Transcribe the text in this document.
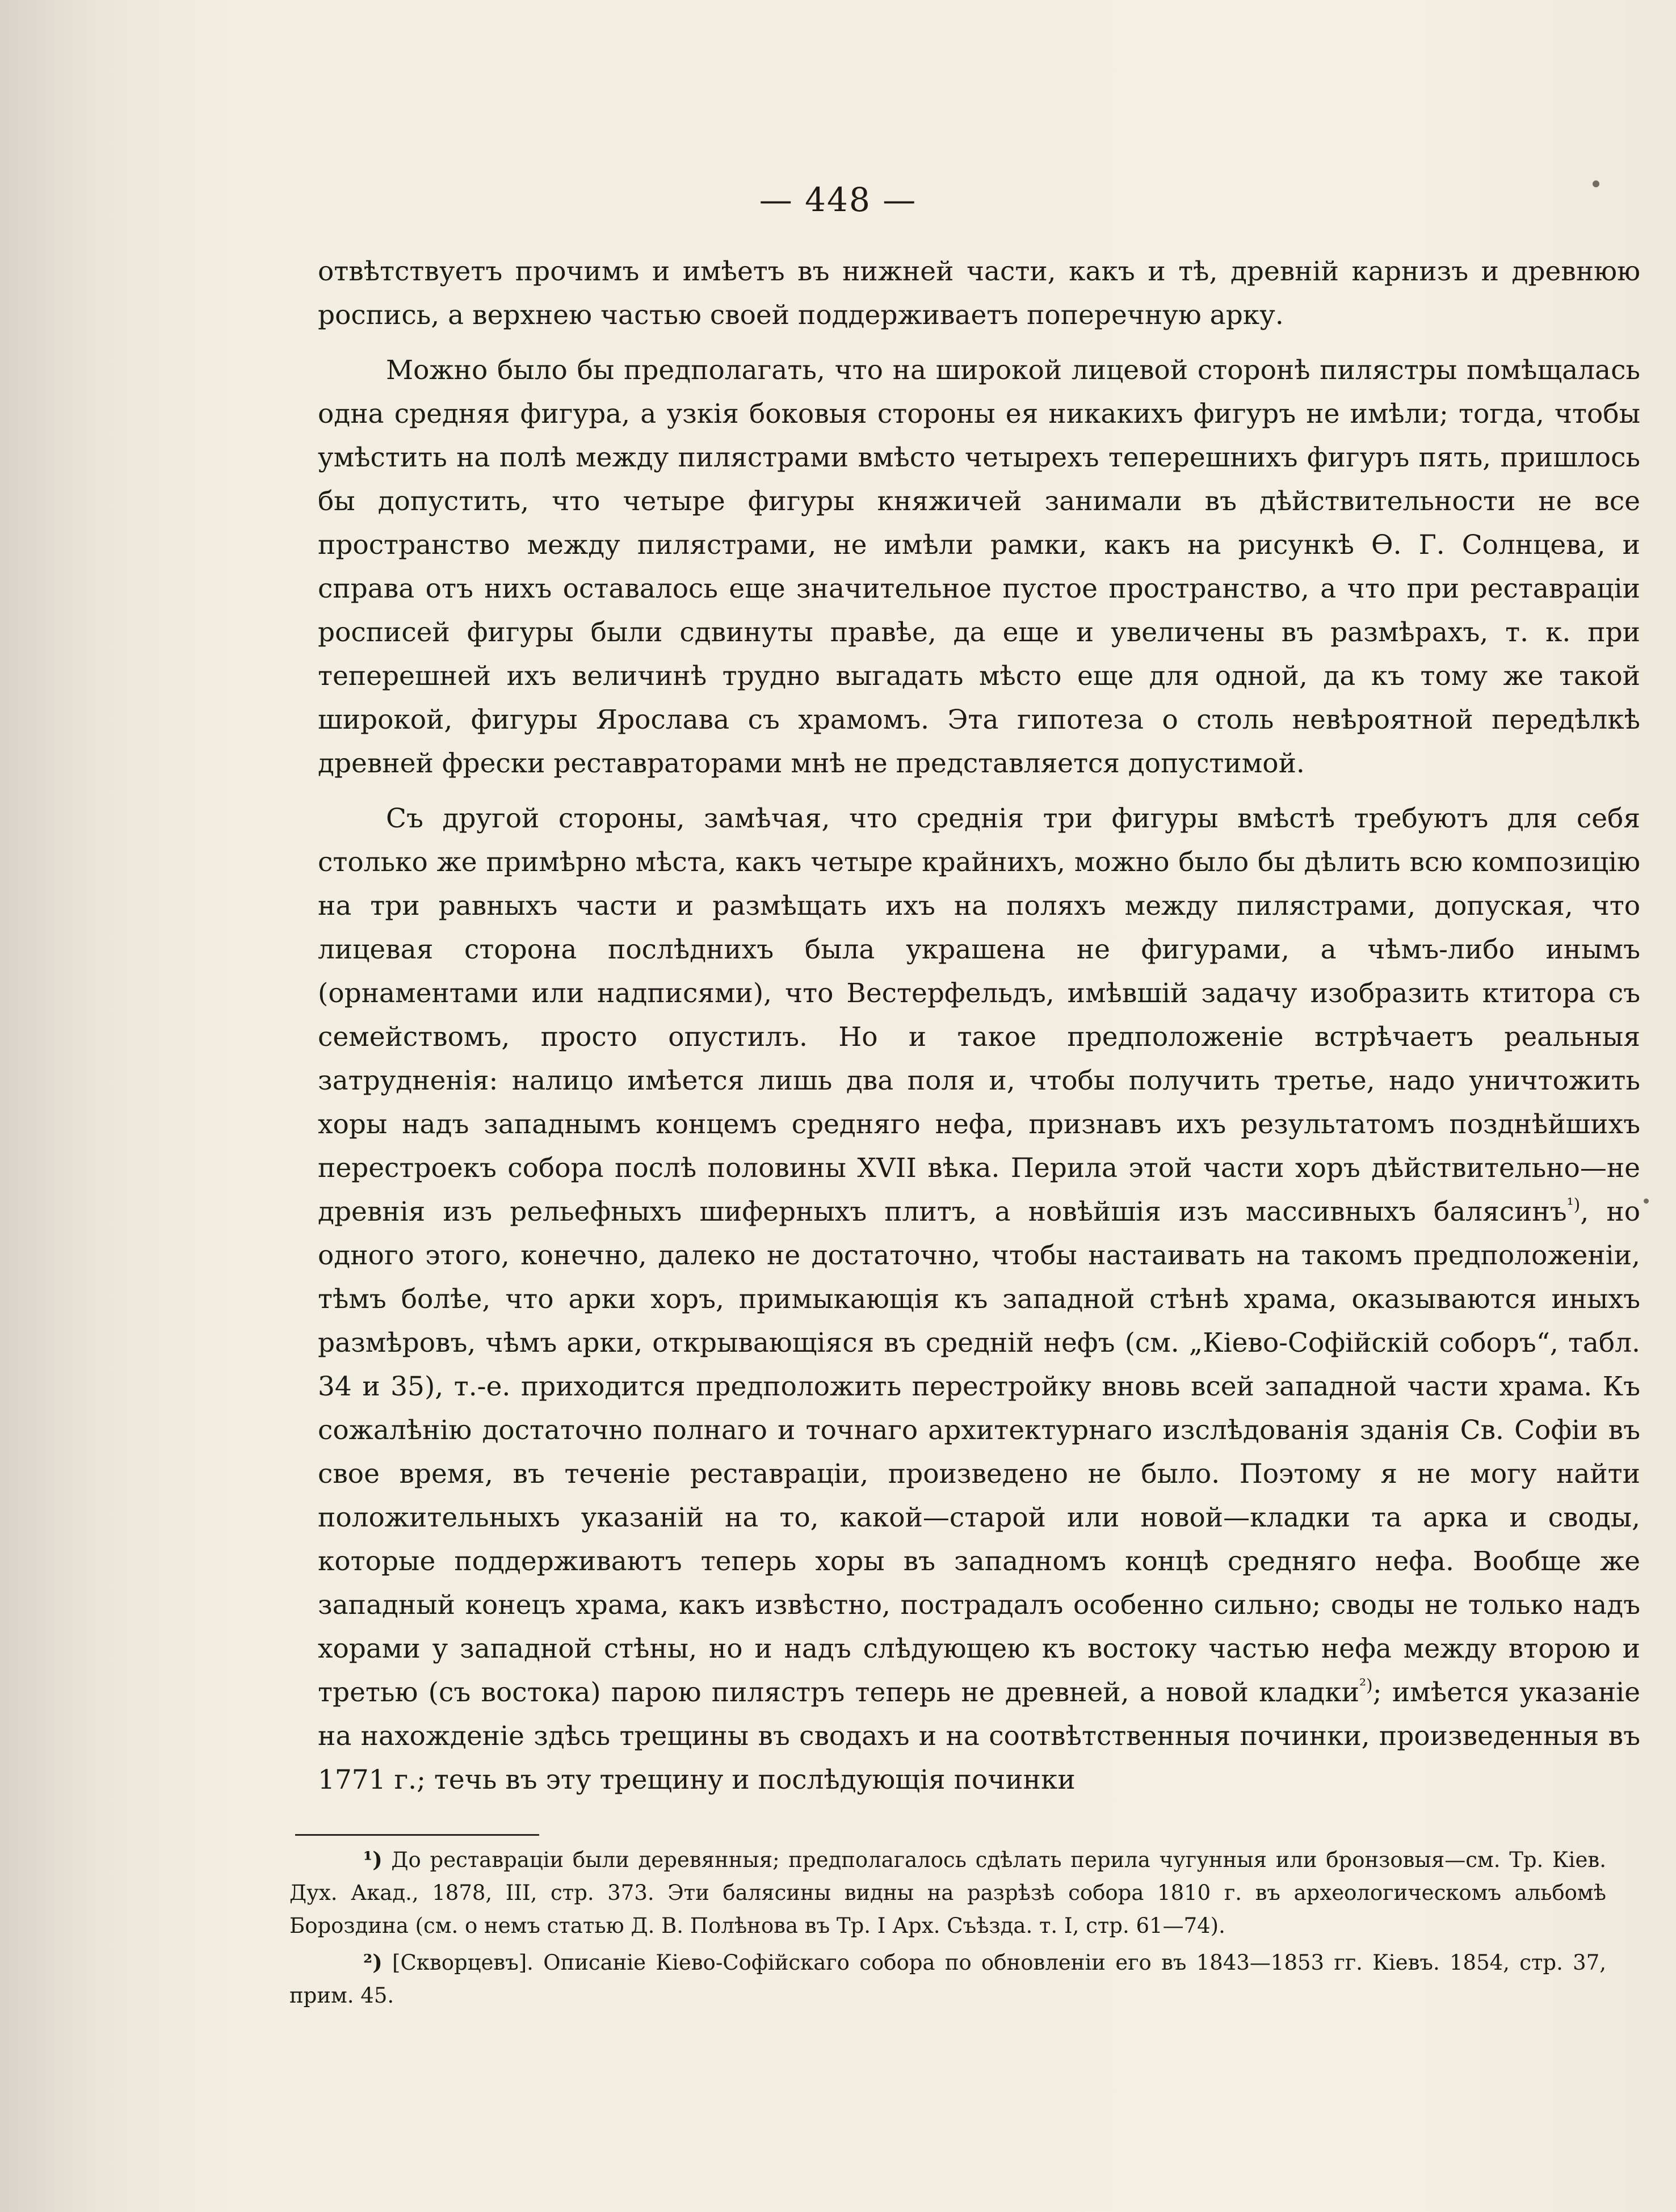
— 448 —

отвѣтствуетъ прочимъ и имѣетъ въ нижней части, какъ и тѣ, древній карнизъ и древнюю роспись, а верхнею частью своей поддерживаетъ поперечную арку.

Можно было бы предполагать, что на широкой лицевой сторонѣ пилястры помѣщалась одна средняя фигура, а узкія боковыя стороны ея никакихъ фигуръ не имѣли; тогда, чтобы умѣстить на полѣ между пилястрами вмѣсто четырехъ теперешнихъ фигуръ пять, пришлось бы допустить, что четыре фигуры княжичей занимали въ дѣйствительности не все пространство между пилястрами, не имѣли рамки, какъ на рисункѣ Ѳ. Г. Солнцева, и справа отъ нихъ оставалось еще значительное пустое пространство, а что при реставраціи росписей фигуры были сдвинуты правѣе, да еще и увеличены въ размѣрахъ, т. к. при теперешней ихъ величинѣ трудно выгадать мѣсто еще для одной, да къ тому же такой широкой, фигуры Ярослава съ храмомъ. Эта гипотеза о столь невѣроятной передѣлкѣ древней фрески реставраторами мнѣ не представляется допустимой.

Съ другой стороны, замѣчая, что среднія три фигуры вмѣстѣ требуютъ для себя столько же примѣрно мѣста, какъ четыре крайнихъ, можно было бы дѣлить всю композицію на три равныхъ части и размѣщать ихъ на поляхъ между пилястрами, допуская, что лицевая сторона послѣднихъ была украшена не фигурами, а чѣмъ-либо инымъ (орнаментами или надписями), что Вестерфельдъ, имѣвшій задачу изобразить ктитора съ семействомъ, просто опустилъ. Но и такое предположеніе встрѣчаетъ реальныя затрудненія: налицо имѣется лишь два поля и, чтобы получить третье, надо уничтожить хоры надъ западнымъ концемъ средняго нефа, признавъ ихъ результатомъ позднѣйшихъ перестроекъ собора послѣ половины XVII вѣка. Перила этой части хоръ дѣйствительно—не древнія изъ рельефныхъ шиферныхъ плитъ, а новѣйшія изъ массивныхъ балясинъ$^{^1)}$, но одного этого, конечно, далеко не достаточно, чтобы настаивать на такомъ предположеніи, тѣмъ болѣе, что арки хоръ, примыкающія къ западной стѣнѣ храма, оказываются иныхъ размѣровъ, чѣмъ арки, открывающіяся въ средній нефъ (см. „Кіево-Софійскій соборъ“, табл. 34 и 35), т.-е. приходится предположить перестройку вновь всей западной части храма. Къ сожалѣнію достаточно полнаго и точнаго архитектурнаго изслѣдованія зданія Св. Софіи въ свое время, въ теченіе реставраціи, произведено не было. Поэтому я не могу найти положительныхъ указаній на то, какой—старой или новой—кладки та арка и своды, которые поддерживаютъ теперь хоры въ западномъ концѣ средняго нефа. Вообще же западный конецъ храма, какъ извѣстно, пострадалъ особенно сильно; своды не только надъ хорами у западной стѣны, но и надъ слѣдующею къ востоку частью нефа между второю и третью (съ востока) парою пилястръ теперь не древней, а новой кладки$^{^2)}$; имѣется указаніе на нахожденіе здѣсь трещины въ сводахъ и на соотвѣтственныя починки, произведенныя въ 1771 г.; течь въ эту трещину и послѣдующія починки

¹) До реставраціи были деревянныя; предполагалось сдѣлать перила чугунныя или бронзовыя—см. Тр. Кіев. Дух. Акад., 1878, III, стр. 373. Эти балясины видны на разрѣзѣ собора 1810 г. въ археологическомъ альбомѣ Бороздина (см. о немъ статью Д. В. Полѣнова въ Тр. I Арх. Съѣзда. т. I, стр. 61—74).

²) [Скворцевъ]. Описаніе Кіево-Софійскаго собора по обновленіи его въ 1843—1853 гг. Кіевъ. 1854, стр. 37, прим. 45.
